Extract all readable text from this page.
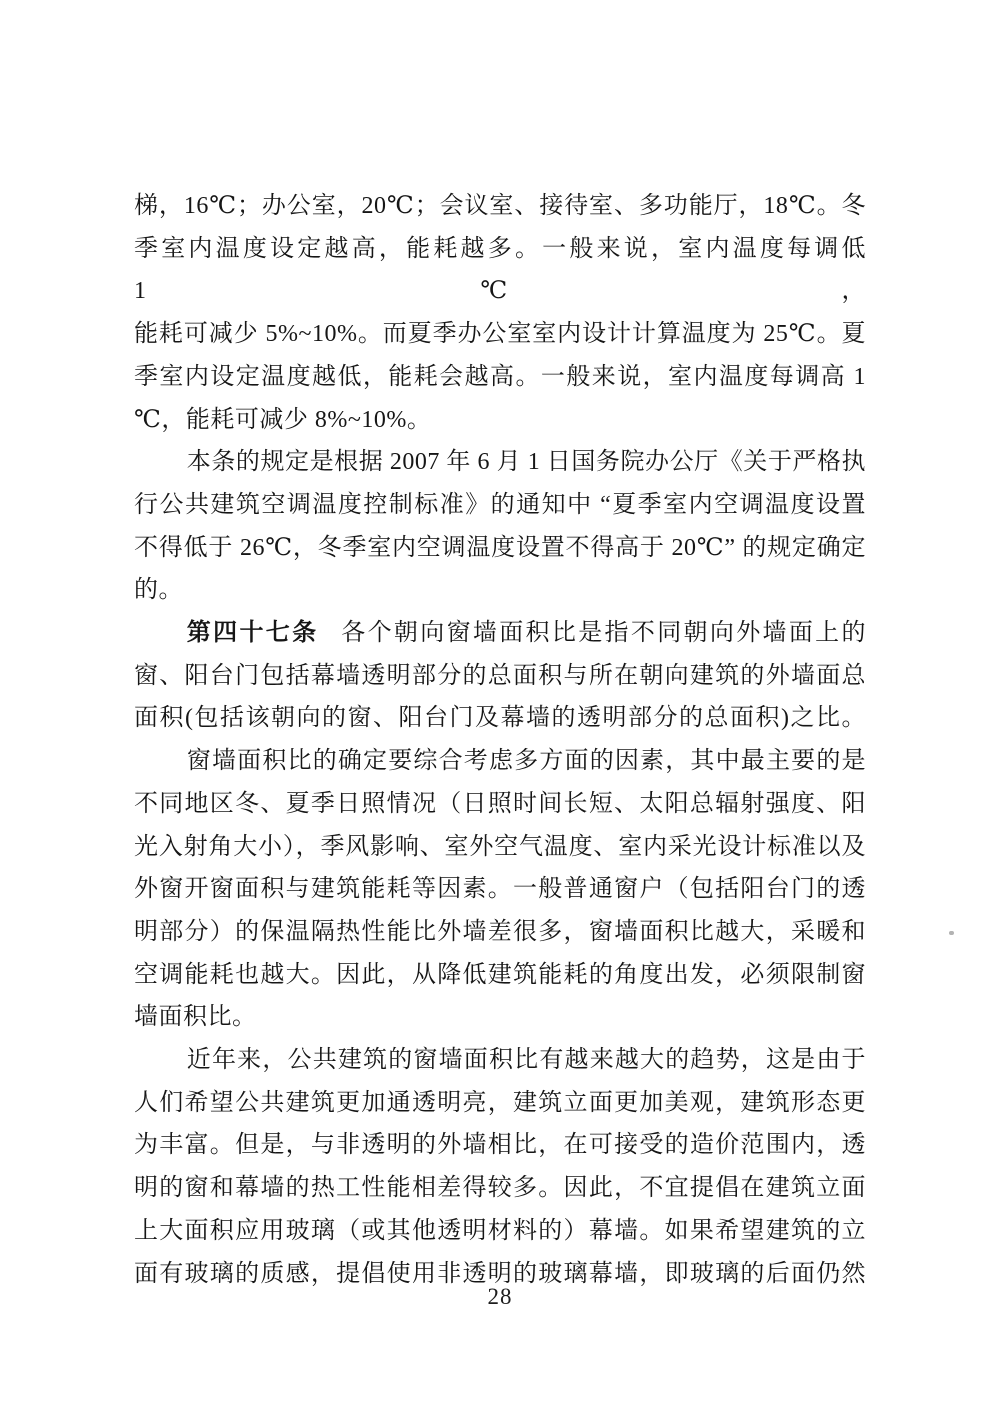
梯，16℃；办公室，20℃；会议室、接待室、多功能厅，18℃。冬
季室内温度设定越高，能耗越多。一般来说，室内温度每调低 1℃，
能耗可减少 5%~10%。而夏季办公室室内设计计算温度为 25℃。夏
季室内设定温度越低，能耗会越高。一般来说，室内温度每调高 1
℃，能耗可减少 8%~10%。
本条的规定是根据 2007 年 6 月 1 日国务院办公厅《关于严格执
行公共建筑空调温度控制标准》的通知中 “夏季室内空调温度设置
不得低于 26℃，冬季室内空调温度设置不得高于 20℃” 的规定确定
的。
第四十七条 各个朝向窗墙面积比是指不同朝向外墙面上的
窗、阳台门包括幕墙透明部分的总面积与所在朝向建筑的外墙面总
面积(包括该朝向的窗、阳台门及幕墙的透明部分的总面积)之比。
窗墙面积比的确定要综合考虑多方面的因素，其中最主要的是
不同地区冬、夏季日照情况（日照时间长短、太阳总辐射强度、阳
光入射角大小），季风影响、室外空气温度、室内采光设计标准以及
外窗开窗面积与建筑能耗等因素。一般普通窗户（包括阳台门的透
明部分）的保温隔热性能比外墙差很多，窗墙面积比越大，采暖和
空调能耗也越大。因此，从降低建筑能耗的角度出发，必须限制窗
墙面积比。
近年来，公共建筑的窗墙面积比有越来越大的趋势，这是由于
人们希望公共建筑更加通透明亮，建筑立面更加美观，建筑形态更
为丰富。但是，与非透明的外墙相比，在可接受的造价范围内，透
明的窗和幕墙的热工性能相差得较多。因此，不宜提倡在建筑立面
上大面积应用玻璃（或其他透明材料的）幕墙。如果希望建筑的立
面有玻璃的质感，提倡使用非透明的玻璃幕墙，即玻璃的后面仍然
28
